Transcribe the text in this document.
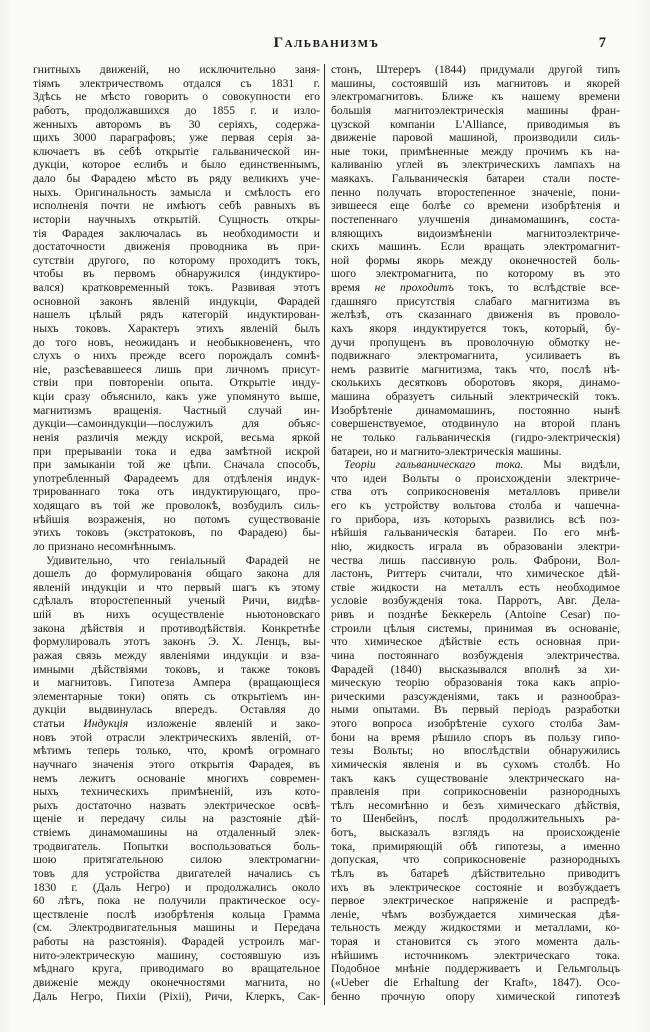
Гальванизмъ	7
гнитныхъ движеній, но исключительно заня-
тіямъ электричествомъ отдался съ 1831 г.
Здѣсь не мѣсто говорить о совокупности его
работъ, продолжавшихся до 1855 г. и изло-
женныхъ авторомъ въ 30 серіяхъ, содержа-
щихъ 3000 параграфовъ; уже первая серія за-
ключаетъ въ себѣ открытіе гальванической ин-
дукціи, которое еслибъ и было единственнымъ,
дало бы Фарадею мѣсто въ ряду великихъ уче-
ныхъ. Оригинальность замысла и смѣлость его
исполненія почти не имѣютъ себѣ равныхъ въ
исторіи научныхъ открытій. Сущность откры-
тія Фарадея заключалась въ необходимости и
достаточности движенія проводника въ при-
сутствіи другого, по которому проходитъ токъ,
чтобы въ первомъ обнаружился (индуктиро-
вался) кратковременный токъ. Развивая этотъ
основной законъ явленій индукціи, Фарадей
нашелъ цѣлый рядъ категорій индуктирован-
ныхъ токовъ. Характеръ этихъ явленій былъ
до того новъ, неожиданъ и необыкновененъ, что
слухъ о нихъ прежде всего порождалъ сомнѣ-
ніе, разсѣевавшееся лишь при личномъ присут-
ствіи при повтореніи опыта. Открытіе инду-
кціи сразу объяснило, какъ уже упомянуто выше,
магнитизмъ вращенія. Частный случай ин-
дукціи—самоиндукціи—послужилъ для объяс-
ненія различія между искрой, весьма яркой
при прерываніи тока и едва замѣтной искрой
при замыканіи той же цѣпи. Сначала способъ,
употребленный Фарадеемъ для отдѣленія индук-
трированнаго тока отъ индуктирующаго, про-
ходящаго въ той же проволокѣ, возбудилъ силь-
нѣйшія возраженія, но потомъ существованіе
этихъ токовъ (экстратоковъ, по Фарадею) бы-
ло признано несомнѣннымъ.
Удивительно, что геніальный Фарадей не
дошелъ до формулированія общаго закона для
явленій индукціи и что первый шагъ къ этому
сдѣлалъ второстепенный ученый Ричи, видѣв-
шій въ нихъ осуществленіе ньютоновскаго
закона дѣйствія и противодѣйствія. Конкретнѣе
формулировалъ этотъ законъ Э. Х. Ленцъ, вы-
ражая связь между явленіями индукціи и вза-
имными дѣйствіями токовъ, и также токовъ
и магнитовъ. Гипотеза Ампера (вращающіеся
элементарные токи) опять съ открытіемъ ин-
дукціи выдвинулась впередъ. Оставляя до
статьи Индукція изложеніе явленій и зако-
новъ этой отрасли электрическихъ явленій, от-
мѣтимъ теперь только, что, кромѣ огромнаго
научнаго значенія этого открытія Фарадея, въ
немъ лежитъ основаніе многихъ современ-
ныхъ техническихъ примѣненій, изъ кото-
рыхъ достаточно назвать электрическое освѣ-
щеніе и передачу силы на разстояніе дѣй-
ствіемъ динамомашины на отдаленный элек-
тродвигатель. Попытки воспользоваться боль-
шою притягательною силою электромагни-
товъ для устройства двигателей начались съ
1830 г. (Даль Негро) и продолжались около
60 лѣтъ, пока не получили практическое осу-
ществленіе послѣ изобрѣтенія кольца Грамма
(см. Электродвигательныя машины и Передача
работы на разстоянія). Фарадей устроилъ маг-
нито-электрическую машину, состоявшую изъ
мѣднаго круга, приводимаго во вращательное
движеніе между оконечностями магнита, но
Даль Негро, Пихіи (Pixii), Ричи, Клеркъ, Сак-
стонъ, Штереръ (1844) придумали другой типъ
машины, состоявшій изъ магнитовъ и якорей
электромагнитовъ. Ближе къ нашему времени
большія магнитоэлектрическія машины фран-
цузской компаніи L'Alliance, приводимыя въ
движеніе паровой машиной, производили силь-
ные токи, примѣненные между прочимъ къ на-
каливанію углей въ электрическихъ лампахъ на
маякахъ. Гальваническія батареи стали посте-
пенно получать второстепенное значеніе, пони-
зившееся еще болѣе со времени изобрѣтенія и
постепеннаго улучшенія динамомашинъ, соста-
вляющихъ видоизмѣненіи магнитоэлектриче-
скихъ машинъ. Если вращать электромагнит-
ной формы якорь между оконечностей боль-
шого электромагнита, по которому въ это
время не проходитъ токъ, то вслѣдствіе все-
гдашняго присутствія слабаго магнитизма въ
желѣзѣ, отъ сказаннаго движенія въ проволо-
кахъ якоря индуктируется токъ, который, бу-
дучи пропущенъ въ проволочную обмотку не-
подвижнаго электромагнита, усиливаетъ въ
немъ развитіе магнитизма, такъ что, послѣ нѣ-
сколькихъ десятковъ оборотовъ якоря, динамо-
машина образуетъ сильный электрическій токъ.
Изобрѣтеніе динамомашинъ, постоянно нынѣ
совершенствуемое, отодвинуло на второй планъ
не только гальваническія (гидро-электрическія)
батареи, но и магнито-электрическія машины.
Теоріи гальваническаго тока. Мы видѣли,
что идеи Вольты о происхожденіи электриче-
ства отъ соприкосновенія металловъ привели
его къ устройству вольтова столба и чашечна-
го прибора, изъ которыхъ развились всѣ поз-
нѣйшія гальваническія батареи. По его мнѣ-
нію, жидкость играла въ образованіи электри-
чества лишь пассивную роль. Фаброни, Вол-
ластонъ, Риттеръ считали, что химическое дѣй-
ствіе жидкости на металлъ есть необходимое
условіе возбужденія тока. Парротъ, Авг. Дела-
ривъ и позднѣе Беккерель (Antoine Cesar) по-
строили цѣлыя системы, принимая въ основаніе,
что химическое дѣйствіе есть основная при-
чина постояннаго возбужденія электричества.
Фарадей (1840) высказывался вполнѣ за хи-
мическую теорію образованія тока какъ апріо-
рическими разсужденіями, такъ и разнообраз-
ными опытами. Въ первый періодъ разработки
этого вопроса изобрѣтеніе сухого столба Зам-
бони на время рѣшило споръ въ пользу гипо-
тезы Вольты; но впослѣдствіи обнаружились
химическія явленія и въ сухомъ столбѣ. Но
такъ какъ существованіе электрическаго на-
правленія при соприкосновеніи разнородныхъ
тѣлъ несомнѣнно и безъ химическаго дѣйствія,
то Шенбейнъ, послѣ продолжительныхъ ра-
ботъ, высказалъ взглядъ на происхожденіе
тока, примиряющій обѣ гипотезы, а именно
допуская, что соприкосновеніе разнородныхъ
тѣлъ въ батареѣ дѣйствительно приводитъ
ихъ въ электрическое состояніе и возбуждаетъ
первое электрическое напряженіе и распредѣ-
леніе, чѣмъ возбуждается химическая дѣя-
тельность между жидкостями и металлами, ко-
торая и становится съ этого момента даль-
нѣйшимъ источникомъ электрическаго тока.
Подобное мнѣніе поддерживаетъ и Гельмгольцъ
(«Ueber die Erhaltung der Kraft», 1847). Осо-
бенно прочную опору химической гипотезѣ
